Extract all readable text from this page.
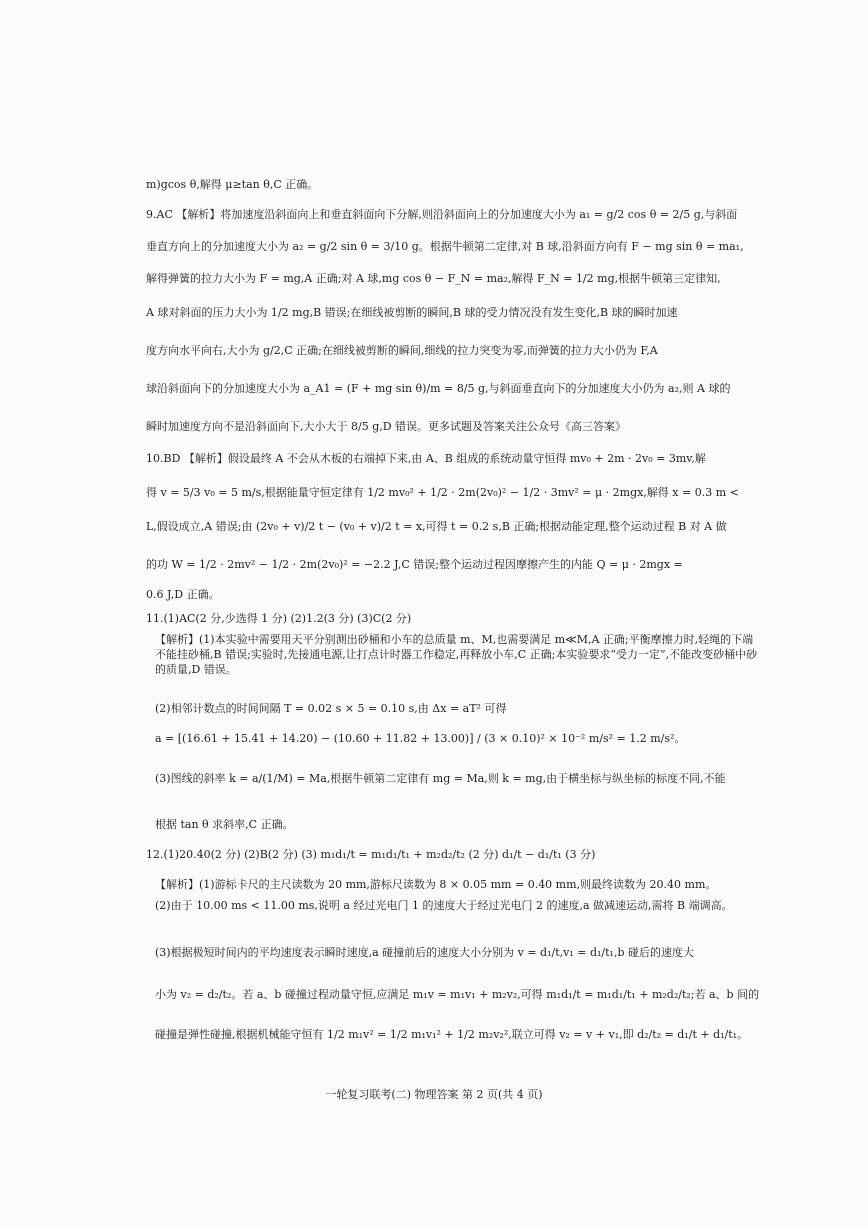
m)gcos θ,解得 μ≥tan θ,C 正确。
9.AC 【解析】将加速度沿斜面向上和垂直斜面向下分解,则沿斜面向上的分加速度大小为 a₁ = g/2 cos θ = 2/5 g,与斜面
垂直方向上的分加速度大小为 a₂ = g/2 sin θ = 3/10 g。根据牛顿第二定律,对 B 球,沿斜面方向有 F − mg sin θ = ma₁,
解得弹簧的拉力大小为 F = mg,A 正确;对 A 球,mg cos θ − F_N = ma₂,解得 F_N = 1/2 mg,根据牛顿第三定律知,
A 球对斜面的压力大小为 1/2 mg,B 错误;在细线被剪断的瞬间,B 球的受力情况没有发生变化,B 球的瞬时加速
度方向水平向右,大小为 g/2,C 正确;在细线被剪断的瞬间,细线的拉力突变为零,而弹簧的拉力大小仍为 F,A
球沿斜面向下的分加速度大小为 a_A1 = (F + mg sin θ)/m = 8/5 g,与斜面垂直向下的分加速度大小仍为 a₂,则 A 球的
瞬时加速度方向不是沿斜面向下,大小大于 8/5 g,D 错误。更多试题及答案关注公众号《高三答案》
10.BD 【解析】假设最终 A 不会从木板的右端掉下来,由 A、B 组成的系统动量守恒得 mv₀ + 2m · 2v₀ = 3mv,解
得 v = 5/3 v₀ = 5 m/s,根据能量守恒定律有 1/2 mv₀² + 1/2 · 2m(2v₀)² − 1/2 · 3mv² = μ · 2mgx,解得 x = 0.3 m <
L,假设成立,A 错误;由 (2v₀ + v)/2 t − (v₀ + v)/2 t = x,可得 t = 0.2 s,B 正确;根据动能定理,整个运动过程 B 对 A 做
的功 W = 1/2 · 2mv² − 1/2 · 2m(2v₀)² = −2.2 J,C 错误;整个运动过程因摩擦产生的内能 Q = μ · 2mgx =
0.6 J,D 正确。
11.(1)AC(2 分,少选得 1 分) (2)1.2(3 分) (3)C(2 分)
【解析】(1)本实验中需要用天平分别测出砂桶和小车的总质量 m、M,也需要满足 m≪M,A 正确;平衡摩擦力时,轻绳的下端不能挂砂桶,B 错误;实验时,先接通电源,让打点计时器工作稳定,再释放小车,C 正确;本实验要求“受力一定”,不能改变砂桶中砂的质量,D 错误。
(2)相邻计数点的时间间隔 T = 0.02 s × 5 = 0.10 s,由 Δx = aT² 可得
a = [(16.61 + 15.41 + 14.20) − (10.60 + 11.82 + 13.00)] / (3 × 0.10)² × 10⁻² m/s² = 1.2 m/s²。
(3)图线的斜率 k = a/(1/M) = Ma,根据牛顿第二定律有 mg = Ma,则 k = mg,由于横坐标与纵坐标的标度不同,不能
根据 tan θ 求斜率,C 正确。
12.(1)20.40(2 分) (2)B(2 分) (3) m₁d₁/t = m₁d₁/t₁ + m₂d₂/t₂ (2 分) d₁/t − d₁/t₁ (3 分)
【解析】(1)游标卡尺的主尺读数为 20 mm,游标尺读数为 8 × 0.05 mm = 0.40 mm,则最终读数为 20.40 mm。
(2)由于 10.00 ms < 11.00 ms,说明 a 经过光电门 1 的速度大于经过光电门 2 的速度,a 做减速运动,需将 B 端调高。
(3)根据极短时间内的平均速度表示瞬时速度,a 碰撞前后的速度大小分别为 v = d₁/t,v₁ = d₁/t₁,b 碰后的速度大
小为 v₂ = d₂/t₂。若 a、b 碰撞过程动量守恒,应满足 m₁v = m₁v₁ + m₂v₂,可得 m₁d₁/t = m₁d₁/t₁ + m₂d₂/t₂;若 a、b 间的
碰撞是弹性碰撞,根据机械能守恒有 1/2 m₁v² = 1/2 m₁v₁² + 1/2 m₂v₂²,联立可得 v₂ = v + v₁,即 d₂/t₂ = d₁/t + d₁/t₁。
一轮复习联考(二) 物理答案 第 2 页(共 4 页)
